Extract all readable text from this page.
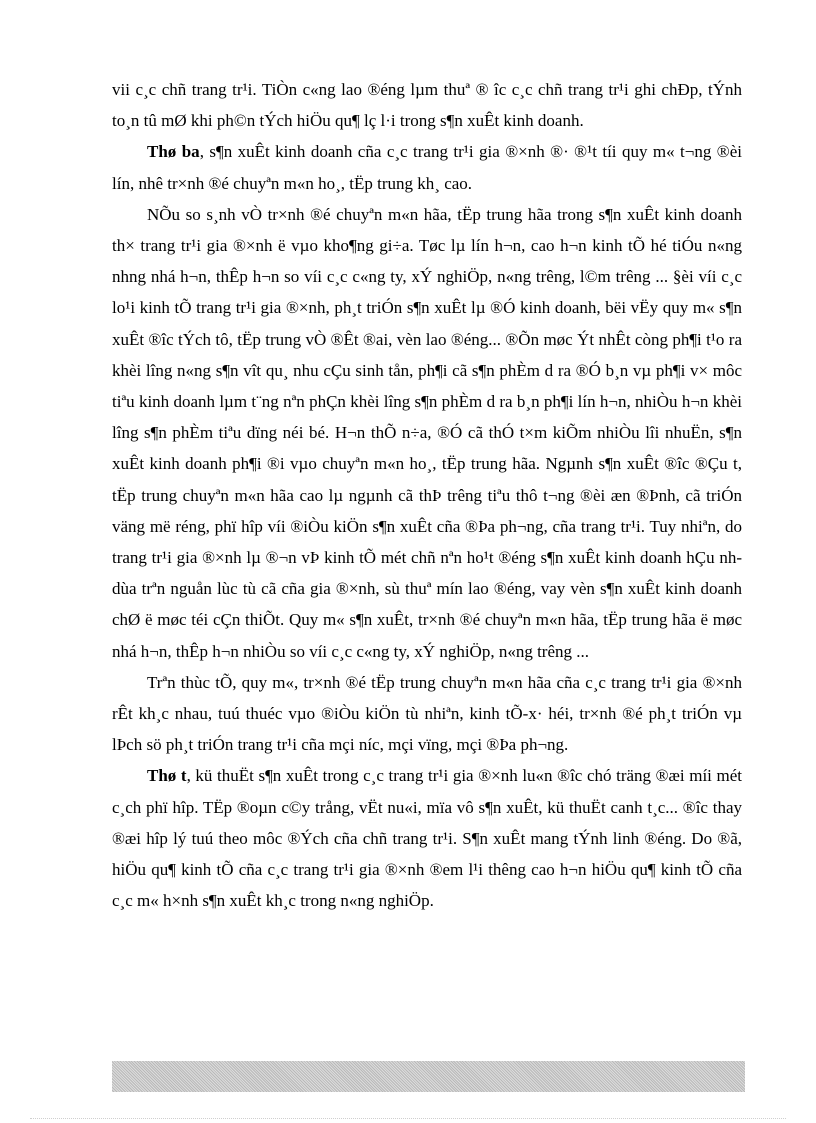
vii c¸c chñ trang tr¹i. TiÒn c«ng lao ®éng lµm thuª ® îc c¸c chñ trang tr¹i ghi chÐp, tÝnh to¸n tû mØ khi ph©n tÝch hiÖu qu¶ lç l·i trong s¶n xuÊt kinh doanh.

Thø ba, s¶n xuÊt kinh doanh cña c¸c trang tr¹i gia ®×nh ®· ®¹t tíi quy m« t¬ng ®èi lín, nhê tr×nh ®é chuyªn m«n ho¸, tËp trung kh¸ cao.

NÕu so s¸nh vÒ tr×nh ®é chuyªn m«n hãa, tËp trung hãa trong s¶n xuÊt kinh doanh th× trang tr¹i gia ®×nh ë vµo kho¶ng gi÷a. Tøc lµ lín h¬n, cao h¬n kinh tÕ hé tiÓu n«ng nhng nhá h¬n, thÊp h¬n so víi c¸c c«ng ty, xÝ nghiÖp, n«ng trêng, l©m trêng ... §èi víi c¸c lo¹i kinh tÕ trang tr¹i gia ®×nh, ph¸t triÓn s¶n xuÊt lµ ®Ó kinh doanh, bëi vËy quy m« s¶n xuÊt ®îc tÝch tô, tËp trung vÒ ®Êt ®ai, vèn lao ®éng... ®Õn møc Ýt nhÊt còng ph¶i t¹o ra khèi lîng n«ng s¶n vît qu¸ nhu cÇu sinh tån, ph¶i cã s¶n phÈm d ra ®Ó b¸n vµ ph¶i v× môc tiªu kinh doanh lµm t¨ng nªn phÇn khèi lîng s¶n phÈm d ra b¸n ph¶i lín h¬n, nhiÒu h¬n khèi lîng s¶n phÈm tiªu dïng néi bé. H¬n thÕ n÷a, ®Ó cã thÓ t×m kiÕm nhiÒu lîi nhuËn, s¶n xuÊt kinh doanh ph¶i ®i vµo chuyªn m«n ho¸, tËp trung hãa. Ngµnh s¶n xuÊt ®îc ®Çu t, tËp trung chuyªn m«n hãa cao lµ ngµnh cã thÞ trêng tiªu thô t¬ng ®èi æn ®Þnh, cã triÓn väng më réng, phï hîp víi ®iÒu kiÖn s¶n xuÊt cña ®Þa ph¬ng, cña trang tr¹i. Tuy nhiªn, do trang tr¹i gia ®×nh lµ ®¬n vÞ kinh tÕ mét chñ nªn ho¹t ®éng s¶n xuÊt kinh doanh hÇu nh dùa trªn nguån lùc tù cã cña gia ®×nh, sù thuª mín lao ®éng, vay vèn s¶n xuÊt kinh doanh chØ ë møc téi cÇn thiÕt. Quy m« s¶n xuÊt, tr×nh ®é chuyªn m«n hãa, tËp trung hãa ë møc nhá h¬n, thÊp h¬n nhiÒu so víi c¸c c«ng ty, xÝ nghiÖp, n«ng trêng ...

Trªn thùc tÕ, quy m«, tr×nh ®é tËp trung chuyªn m«n hãa cña c¸c trang tr¹i gia ®×nh rÊt kh¸c nhau, tuú thuéc vµo ®iÒu kiÖn tù nhiªn, kinh tÕ-x· héi, tr×nh ®é ph¸t triÓn vµ lÞch sö ph¸t triÓn trang tr¹i cña mçi níc, mçi vïng, mçi ®Þa ph¬ng.

Thø t, kü thuËt s¶n xuÊt trong c¸c trang tr¹i gia ®×nh lu«n ®îc chó träng ®æi míi mét c¸ch phï hîp. TËp ®oµn c©y trång, vËt nu«i, mïa vô s¶n xuÊt, kü thuËt canh t¸c... ®îc thay ®æi hîp lý tuú theo môc ®Ých cña chñ trang tr¹i. S¶n xuÊt mang tÝnh linh ®éng. Do ®ã, hiÖu qu¶ kinh tÕ cña c¸c trang tr¹i gia ®×nh ®em l¹i thêng cao h¬n hiÖu qu¶ kinh tÕ cña c¸c m« h×nh s¶n xuÊt kh¸c trong n«ng nghiÖp.
